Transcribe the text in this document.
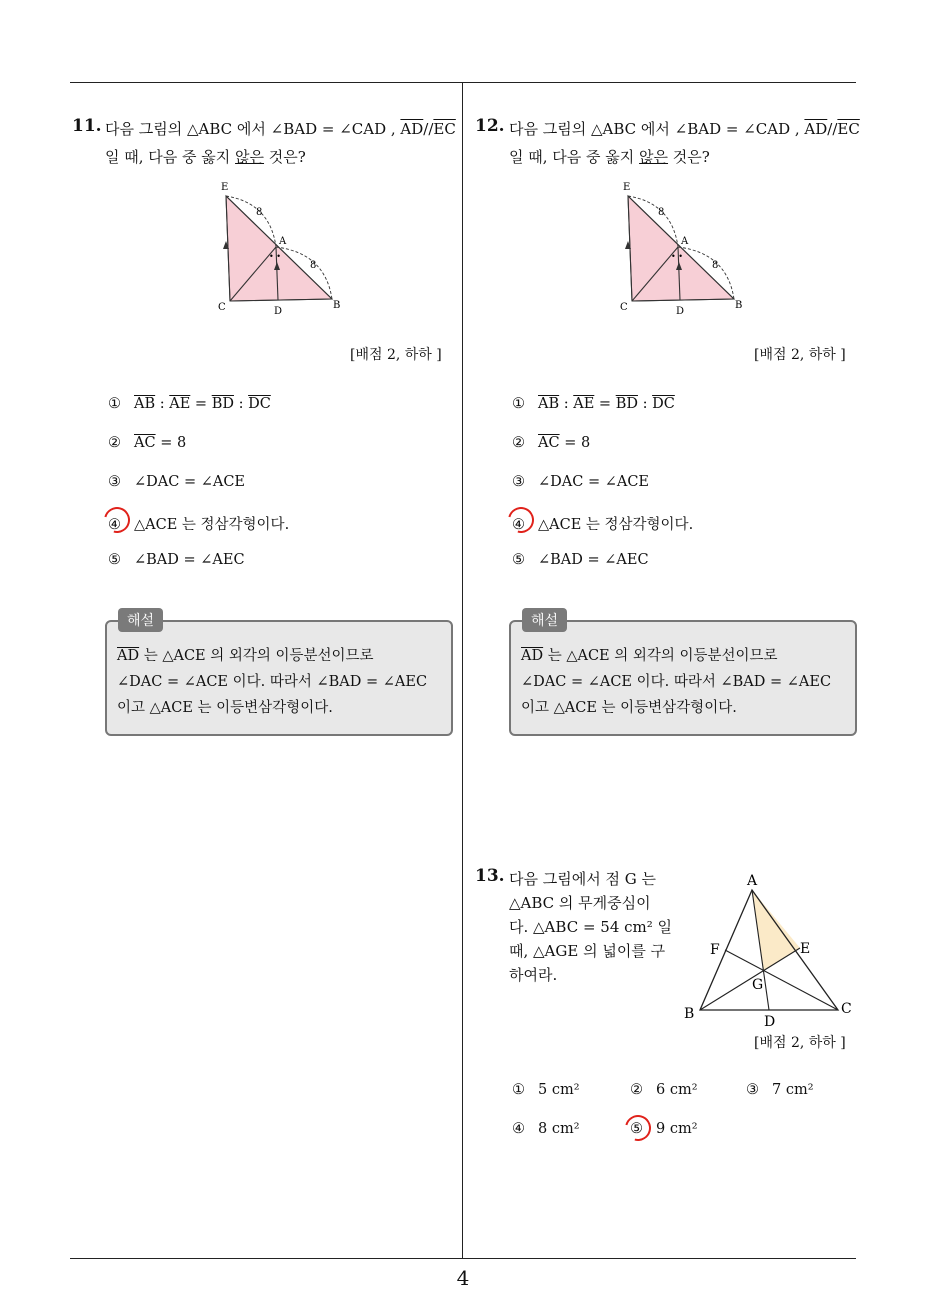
4
11. 다음 그림의 △ABC 에서 ∠BAD = ∠CAD , $\overline{AD}//\overline{EC}$
일 때, 다음 중 옳지 않은 것은?
E
A
C	D
B
8
8
• •
[배점 2, 하하 ]
① $\overline{AB}$ : $\overline{AE} = \overline{BD}$ : $\overline{DC}$
② $\overline{AC} = 8$
③ ∠DAC = ∠ACE
④ △ACE 는 정삼각형이다.
⑤ ∠BAD = ∠AEC
해설
$\overline{AD}$ 는 △ACE 의 외각의 이등분선이므로
∠DAC = ∠ACE 이다. 따라서 ∠BAD = ∠AEC
이고 △ACE 는 이등변삼각형이다.
12. 다음 그림의 △ABC 에서 ∠BAD = ∠CAD , $\overline{AD}//\overline{EC}$
일 때, 다음 중 옳지 않은 것은?
E
A
C	D
B
8
8
• •
[배점 2, 하하 ]
① $\overline{AB}$ : $\overline{AE} = \overline{BD}$ : $\overline{DC}$
② $\overline{AC} = 8$
③ ∠DAC = ∠ACE
④ △ACE 는 정삼각형이다.
⑤ ∠BAD = ∠AEC
해설
$\overline{AD}$ 는 △ACE 의 외각의 이등분선이므로
∠DAC = ∠ACE 이다. 따라서 ∠BAD = ∠AEC
이고 △ACE 는 이등변삼각형이다.
13. 다음 그림에서 점 G 는
△ABC 의 무게중심이
다. △ABC = 54 cm² 일
때, △AGE 의 넓이를 구
하여라.
A
B	C
D
E
F
G
[배점 2, 하하 ]
① 5 cm²	② 6 cm²	③ 7 cm²
④ 8 cm²	⑤ 9 cm²
